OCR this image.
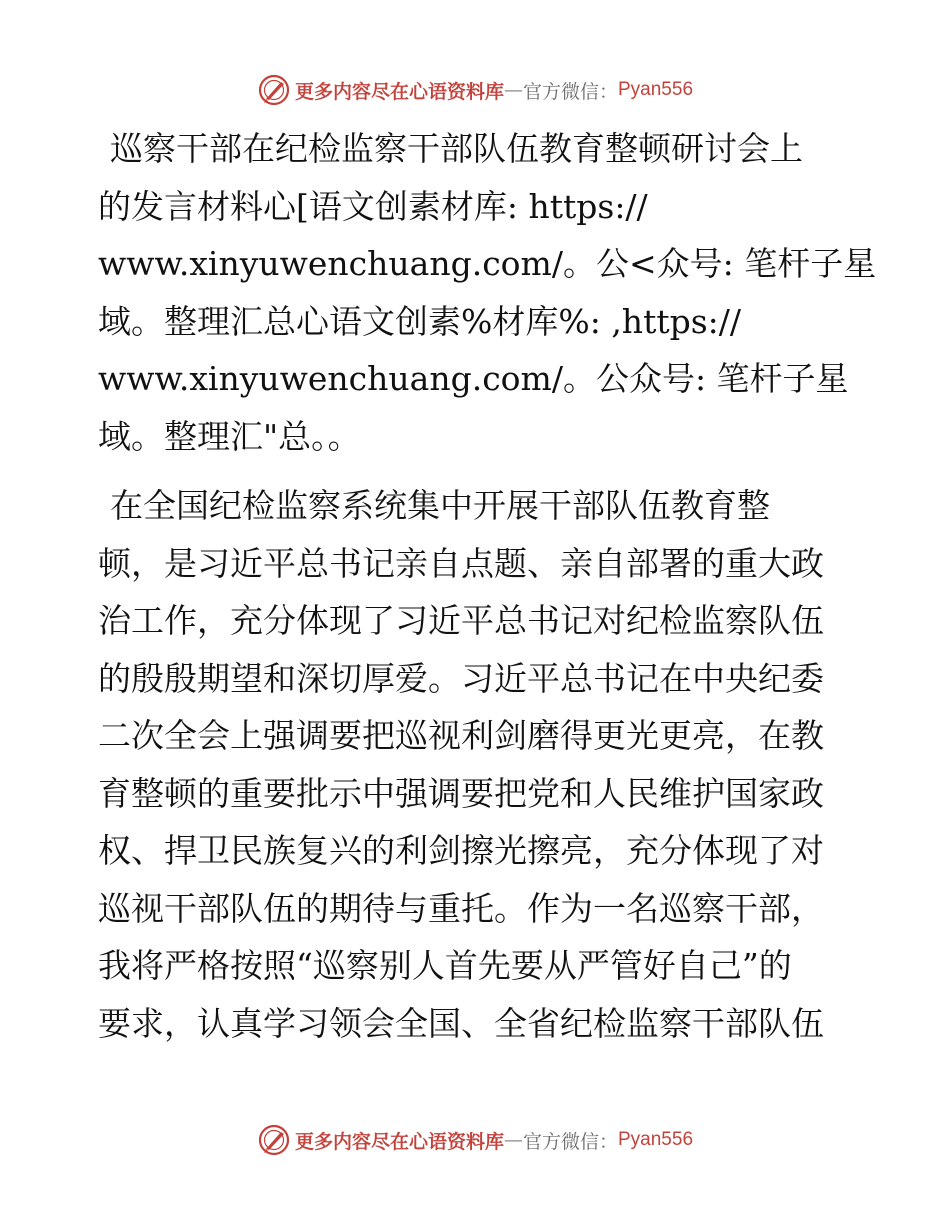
更多内容尽在心语资料库 — 官方微信： Pyan556

巡察干部在纪检监察干部队伍教育整顿研讨会上
的发言材料心[语文创素材库: https://
www.xinyuwenchuang.com/。公<众号: 笔杆子星
域。整理汇总心语文创素%材库%: ,https://
www.xinyuwenchuang.com/。公众号: 笔杆子星
域。整理汇"总。。

在全国纪检监察系统集中开展干部队伍教育整
顿，是习近平总书记亲自点题、亲自部署的重大政
治工作，充分体现了习近平总书记对纪检监察队伍
的殷殷期望和深切厚爱。习近平总书记在中央纪委
二次全会上强调要把巡视利剑磨得更光更亮，在教
育整顿的重要批示中强调要把党和人民维护国家政
权、捍卫民族复兴的利剑擦光擦亮，充分体现了对
巡视干部队伍的期待与重托。作为一名巡察干部，
我将严格按照“巡察别人首先要从严管好自己”的
要求，认真学习领会全国、全省纪检监察干部队伍

更多内容尽在心语资料库 — 官方微信： Pyan556
